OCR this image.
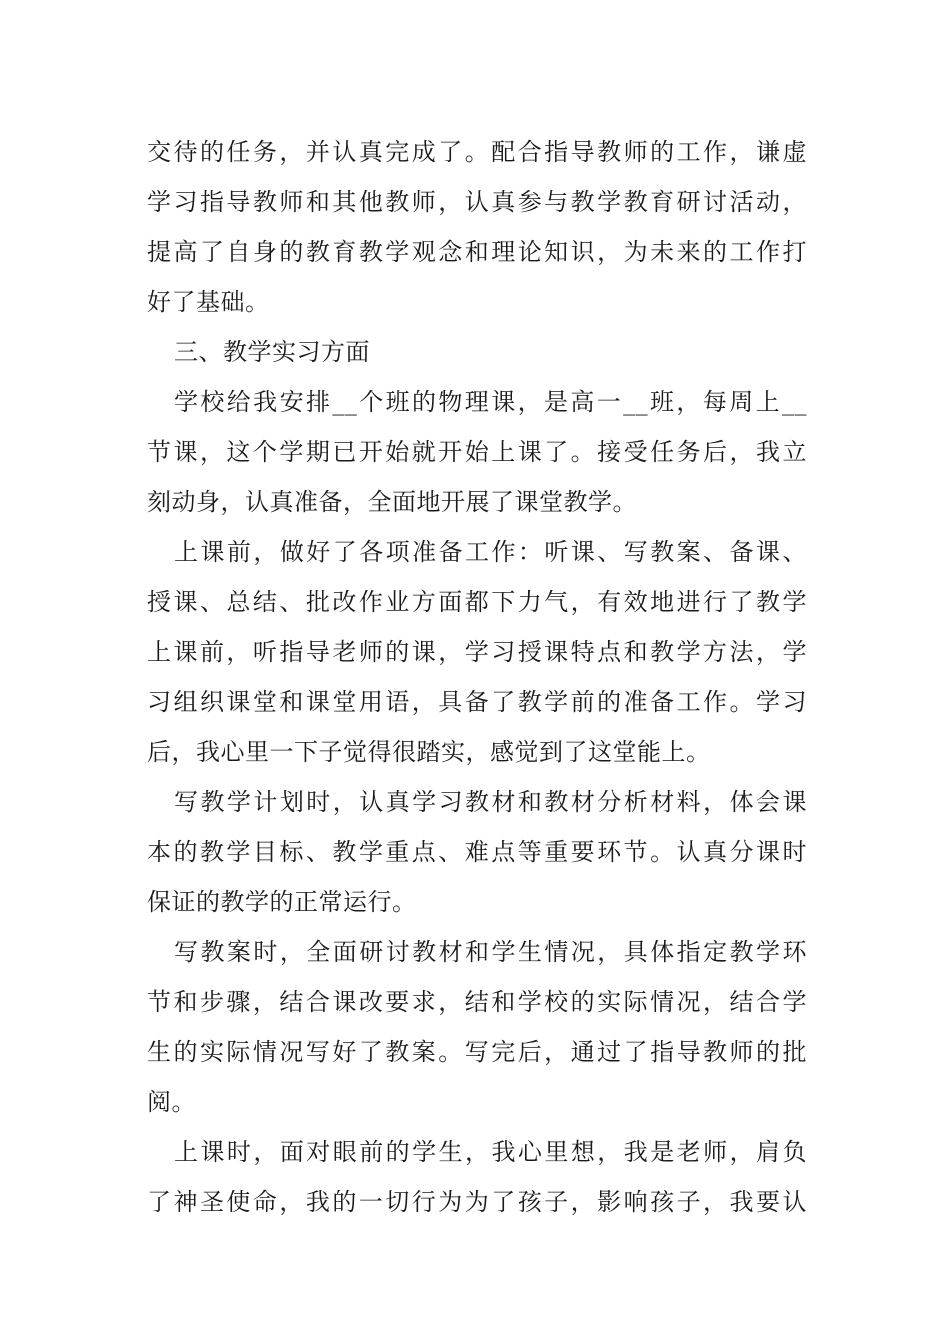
交待的任务，并认真完成了。配合指导教师的工作，谦虚
学习指导教师和其他教师，认真参与教学教育研讨活动，
提高了自身的教育教学观念和理论知识，为未来的工作打
好了基础。
三、教学实习方面
学校给我安排__个班的物理课，是高一__班，每周上__
节课，这个学期已开始就开始上课了。接受任务后，我立
刻动身，认真准备，全面地开展了课堂教学。
上课前，做好了各项准备工作：听课、写教案、备课、
授课、总结、批改作业方面都下力气，有效地进行了教学
上课前，听指导老师的课，学习授课特点和教学方法，学
习组织课堂和课堂用语，具备了教学前的准备工作。学习
后，我心里一下子觉得很踏实，感觉到了这堂能上。
写教学计划时，认真学习教材和教材分析材料，体会课
本的教学目标、教学重点、难点等重要环节。认真分课时
保证的教学的正常运行。
写教案时，全面研讨教材和学生情况，具体指定教学环
节和步骤，结合课改要求，结和学校的实际情况，结合学
生的实际情况写好了教案。写完后，通过了指导教师的批
阅。
上课时，面对眼前的学生，我心里想，我是老师，肩负
了神圣使命，我的一切行为为了孩子，影响孩子，我要认
